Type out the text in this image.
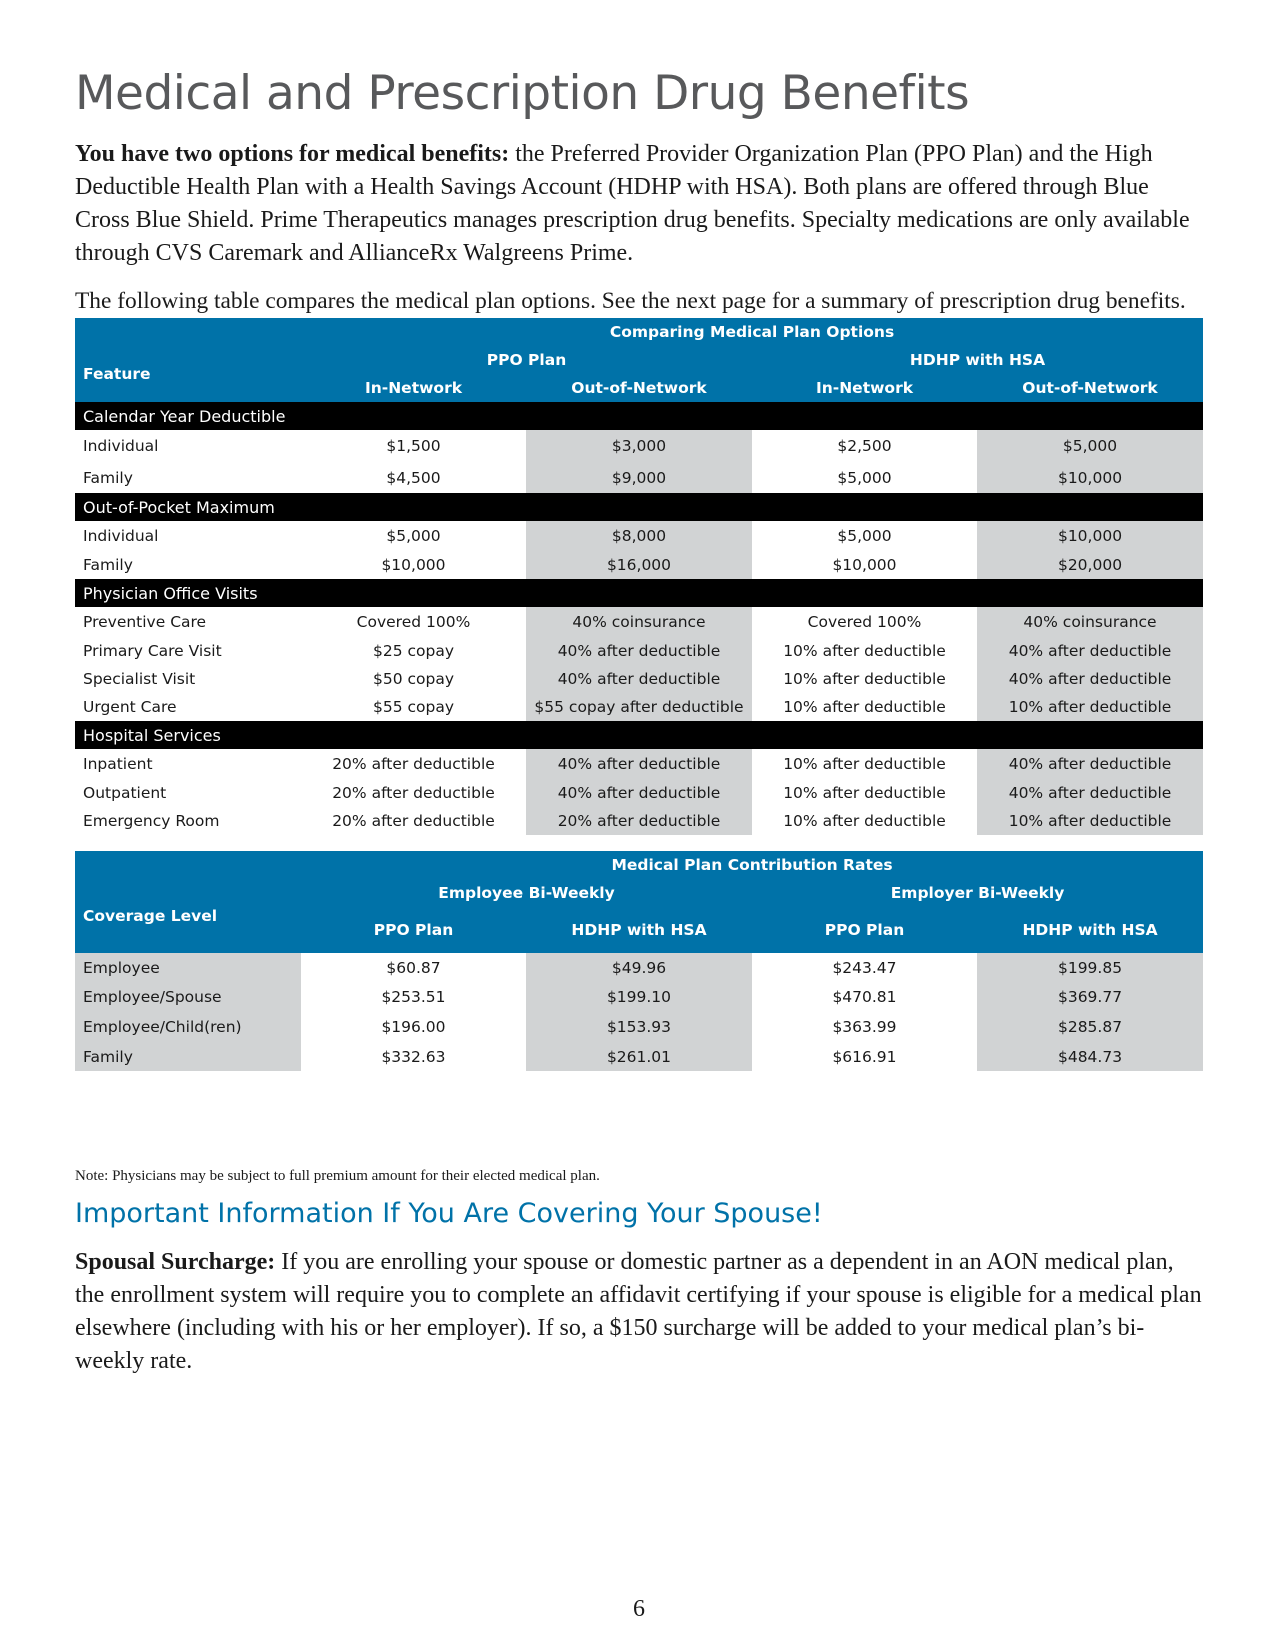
Medical and Prescription Drug Benefits

You have two options for medical benefits: the Preferred Provider Organization Plan (PPO Plan) and the High Deductible Health Plan with a Health Savings Account (HDHP with HSA). Both plans are offered through Blue Cross Blue Shield. Prime Therapeutics manages prescription drug benefits. Specialty medications are only available through CVS Caremark and AllianceRx Walgreens Prime.

The following table compares the medical plan options. See the next page for a summary of prescription drug benefits.

	Comparing Medical Plan Options			
Feature	PPO Plan		HDHP with HSA	
	In-Network	Out-of-Network	In-Network	Out-of-Network
Calendar Year Deductible				
Individual	$1,500	$3,000	$2,500	$5,000
Family	$4,500	$9,000	$5,000	$10,000
Out-of-Pocket Maximum				
Individual	$5,000	$8,000	$5,000	$10,000
Family	$10,000	$16,000	$10,000	$20,000
Physician Office Visits				
Preventive Care	Covered 100%	40% coinsurance	Covered 100%	40% coinsurance
Primary Care Visit	$25 copay	40% after deductible	10% after deductible	40% after deductible
Specialist Visit	$50 copay	40% after deductible	10% after deductible	40% after deductible
Urgent Care	$55 copay	$55 copay after deductible	10% after deductible	10% after deductible
Hospital Services				
Inpatient	20% after deductible	40% after deductible	10% after deductible	40% after deductible
Outpatient	20% after deductible	40% after deductible	10% after deductible	40% after deductible
Emergency Room	20% after deductible	20% after deductible	10% after deductible	10% after deductible
	Medical Plan Contribution Rates			
Coverage Level	Employee Bi-Weekly		Employer Bi-Weekly	
	PPO Plan	HDHP with HSA	PPO Plan	HDHP with HSA
Employee	$60.87	$49.96	$243.47	$199.85
Employee/Spouse	$253.51	$199.10	$470.81	$369.77
Employee/Child(ren)	$196.00	$153.93	$363.99	$285.87
Family	$332.63	$261.01	$616.91	$484.73

Note: Physicians may be subject to full premium amount for their elected medical plan.

Important Information If You Are Covering Your Spouse!

Spousal Surcharge: If you are enrolling your spouse or domestic partner as a dependent in an AON medical plan, the enrollment system will require you to complete an affidavit certifying if your spouse is eligible for a medical plan elsewhere (including with his or her employer). If so, a $150 surcharge will be added to your medical plan’s bi-weekly rate.

6
